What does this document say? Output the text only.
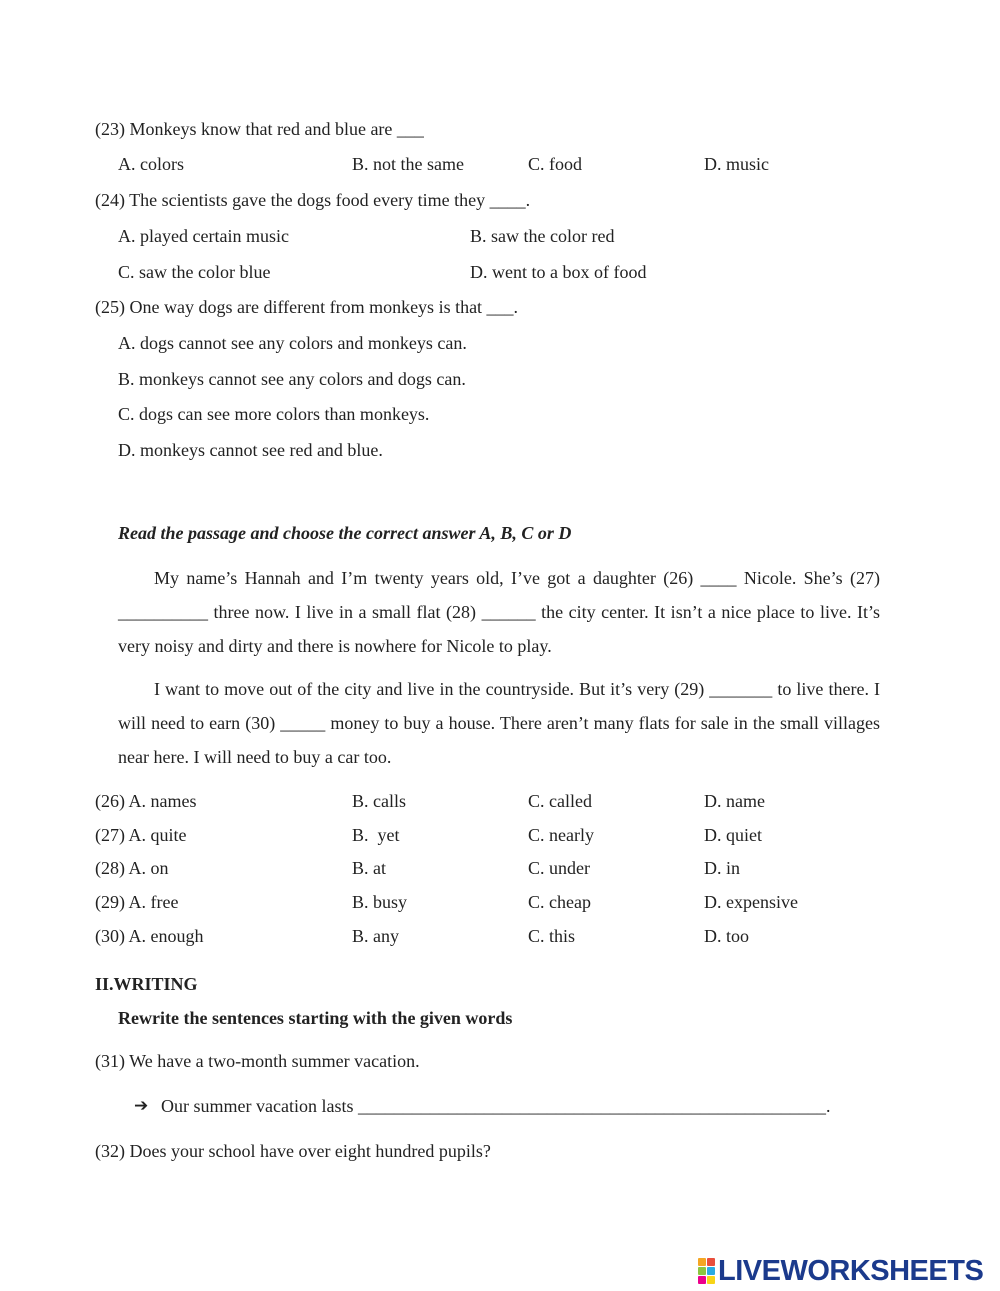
(23) Monkeys know that red and blue are ___
A. colors	B. not the same	C. food	D. music
(24) The scientists gave the dogs food every time they ____.
A. played certain music	B. saw the color red
C. saw the color blue	D. went to a box of food
(25) One way dogs are different from monkeys is that ___.
A. dogs cannot see any colors and monkeys can.
B. monkeys cannot see any colors and dogs can.
C. dogs can see more colors than monkeys.
D. monkeys cannot see red and blue.
Read the passage and choose the correct answer A, B, C or D
My name’s Hannah and I’m twenty years old, I’ve got a daughter (26) ____ Nicole. She’s (27) __________ three now. I live in a small flat (28) ______ the city center. It isn’t a nice place to live. It’s very noisy and dirty and there is nowhere for Nicole to play.
I want to move out of the city and live in the countryside. But it’s very (29) _______ to live there. I will need to earn (30) _____ money to buy a house. There aren’t many flats for sale in the small villages near here. I will need to buy a car too.
(26) A. names	B. calls	C. called	D. name
(27) A. quite	B.  yet	C. nearly	D. quiet
(28) A. on	B. at	C. under	D. in
(29) A. free	B. busy	C. cheap	D. expensive
(30) A. enough	B. any	C. this	D. too
II.WRITING
Rewrite the sentences starting with the given words
(31) We have a two-month summer vacation.
➔ Our summer vacation lasts ____________________________________________________.
(32) Does your school have over eight hundred pupils?
LIVEWORKSHEETS
